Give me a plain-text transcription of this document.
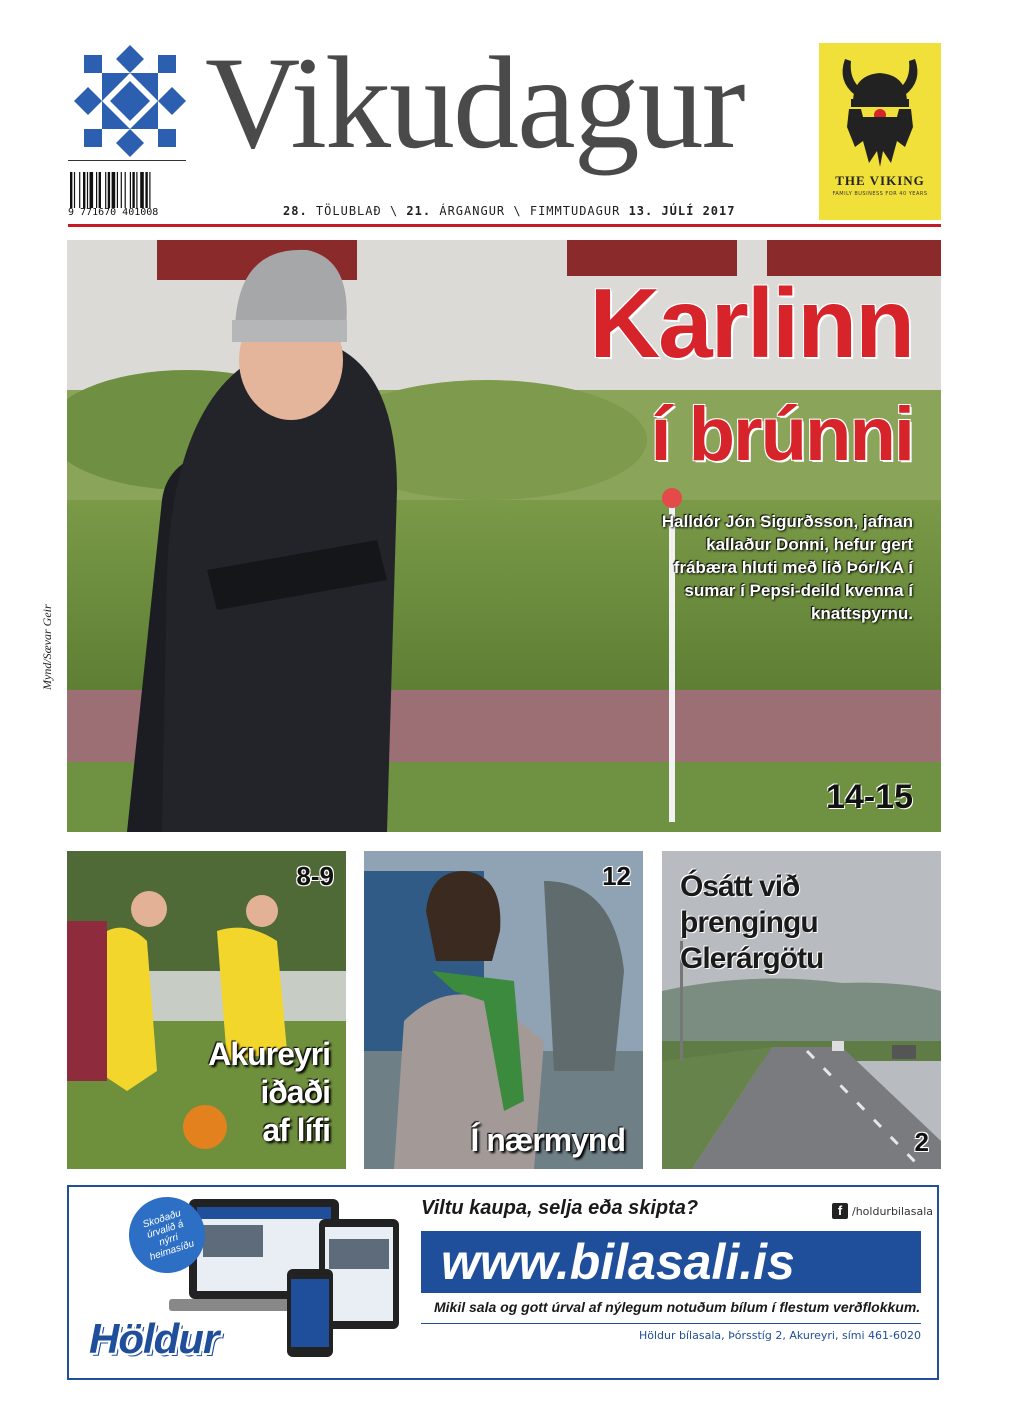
Vikudagur
9 771670 401008	28. TÖLUBLAÐ \ 21. ÁRGANGUR \ FIMMTUDAGUR 13. JÚLÍ 2017
THE VIKING
FAMILY BUSINESS FOR 40 YEARS
Karlinn
í brúnni
Halldór Jón Sigurðsson, jafnan kallaður Donni, hefur gert frábæra hluti með lið Þór/KA í sumar í Pepsi-deild kvenna í knattspyrnu.
14-15
Mynd/Sævar Geir
8-9
Akureyri
iðaði
af lífi
12
Í nærmynd
Ósátt við
þrengingu
Glerárgötu
2
Skoðaðu úrvalið á nýrri heimasíðu
Viltu kaupa, selja eða skipta?	f /holdurbilasala
www.bilasali.is
Mikil sala og gott úrval af nýlegum notuðum bílum í flestum verðflokkum.
Höldur bílasala, Þórsstíg 2, Akureyri, sími 461-6020
Höldur
